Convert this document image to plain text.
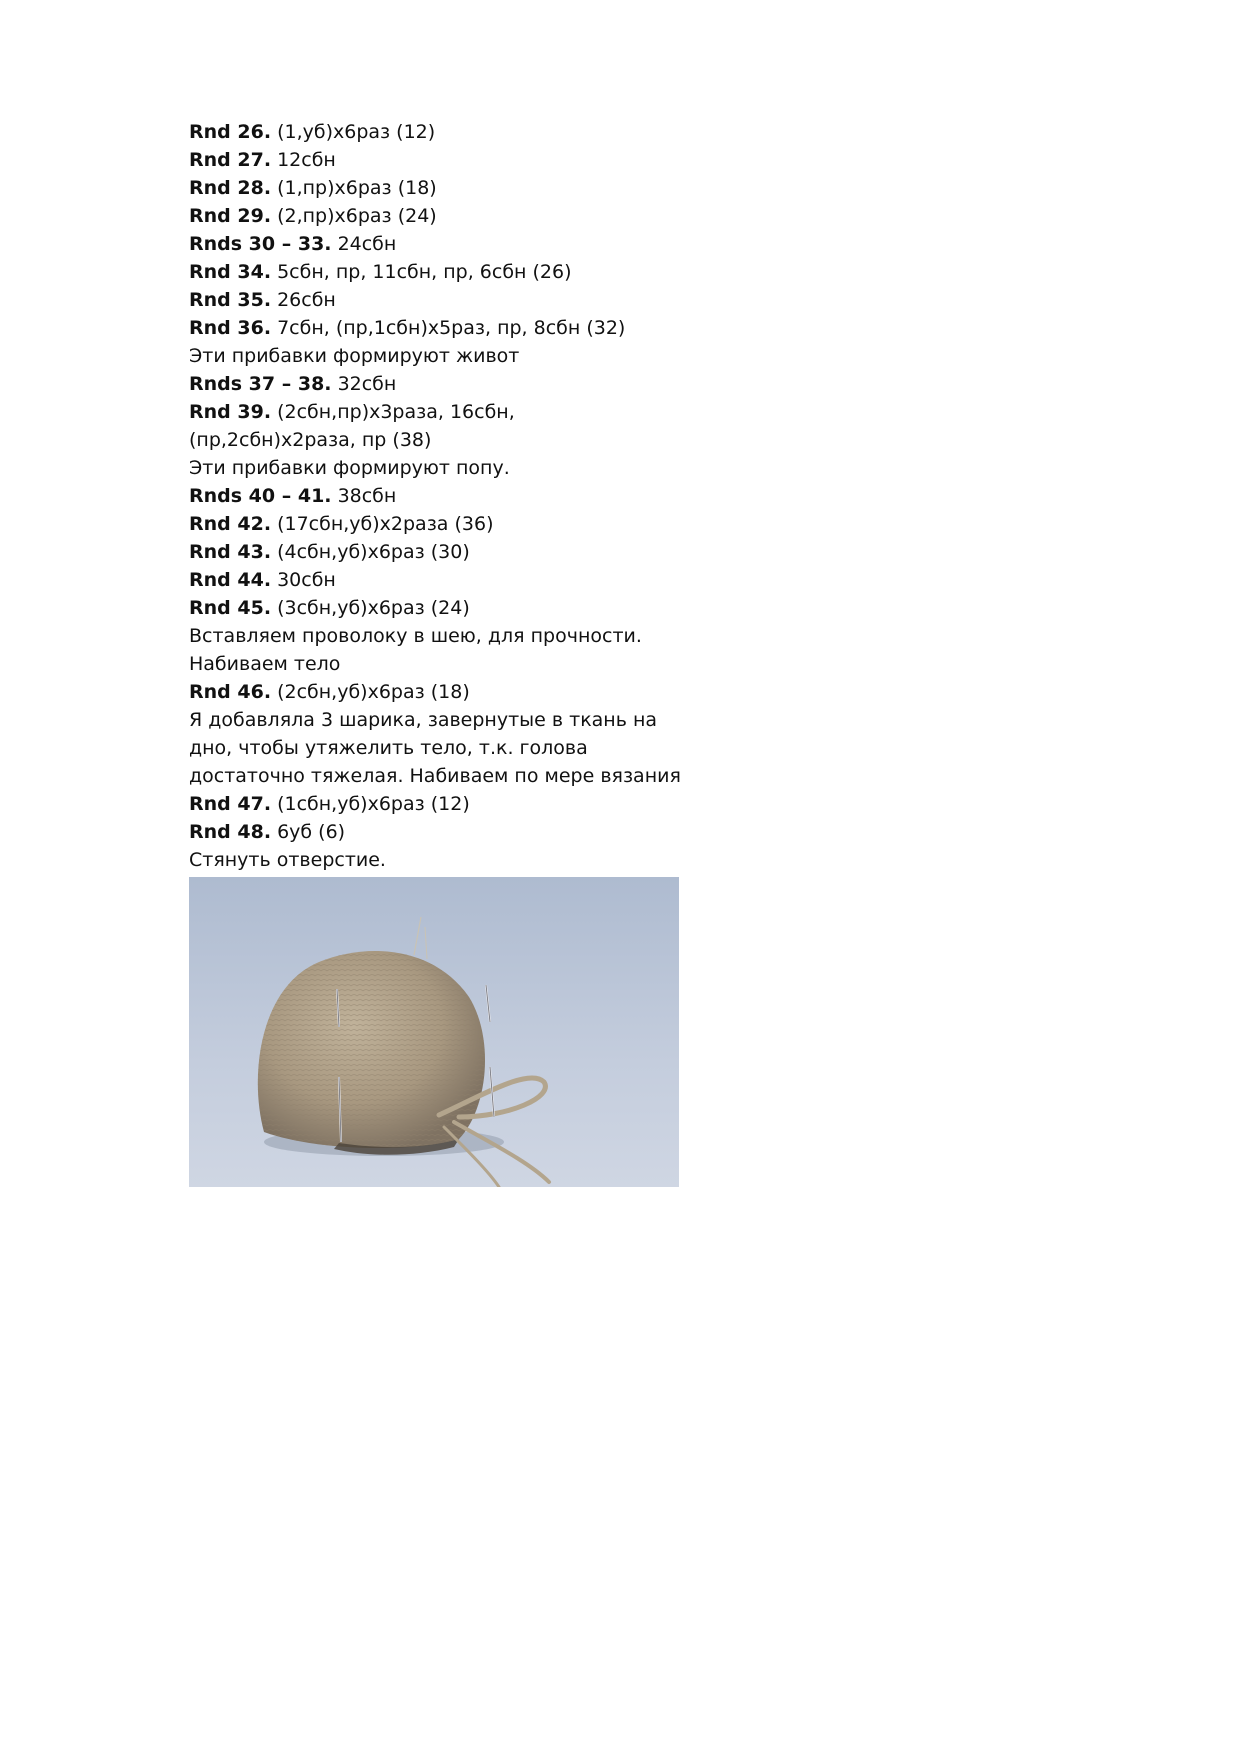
Rnd 26. (1,уб)х6раз (12)
Rnd 27. 12сбн
Rnd 28. (1,пр)х6раз (18)
Rnd 29. (2,пр)х6раз (24)
Rnds 30 – 33. 24сбн
Rnd 34. 5сбн, пр, 11сбн, пр, 6сбн (26)
Rnd 35. 26сбн
Rnd 36. 7сбн, (пр,1сбн)х5раз, пр, 8сбн (32)
Эти прибавки формируют живот
Rnds 37 – 38. 32сбн
Rnd 39. (2сбн,пр)х3раза, 16сбн, (пр,2сбн)х2раза, пр (38)
Эти прибавки формируют попу.
Rnds 40 – 41. 38сбн
Rnd 42. (17сбн,уб)х2раза (36)
Rnd 43. (4сбн,уб)х6раз (30)
Rnd 44. 30сбн
Rnd 45. (3сбн,уб)х6раз (24)
Вставляем проволоку в шею, для прочности.
Набиваем тело
Rnd 46. (2сбн,уб)х6раз (18)
Я добавляла 3 шарика, завернутые в ткань на
дно, чтобы утяжелить тело, т.к. голова
достаточно тяжелая. Набиваем по мере вязания
Rnd 47. (1сбн,уб)х6раз (12)
Rnd 48. 6уб (6)
Стянуть отверстие.
